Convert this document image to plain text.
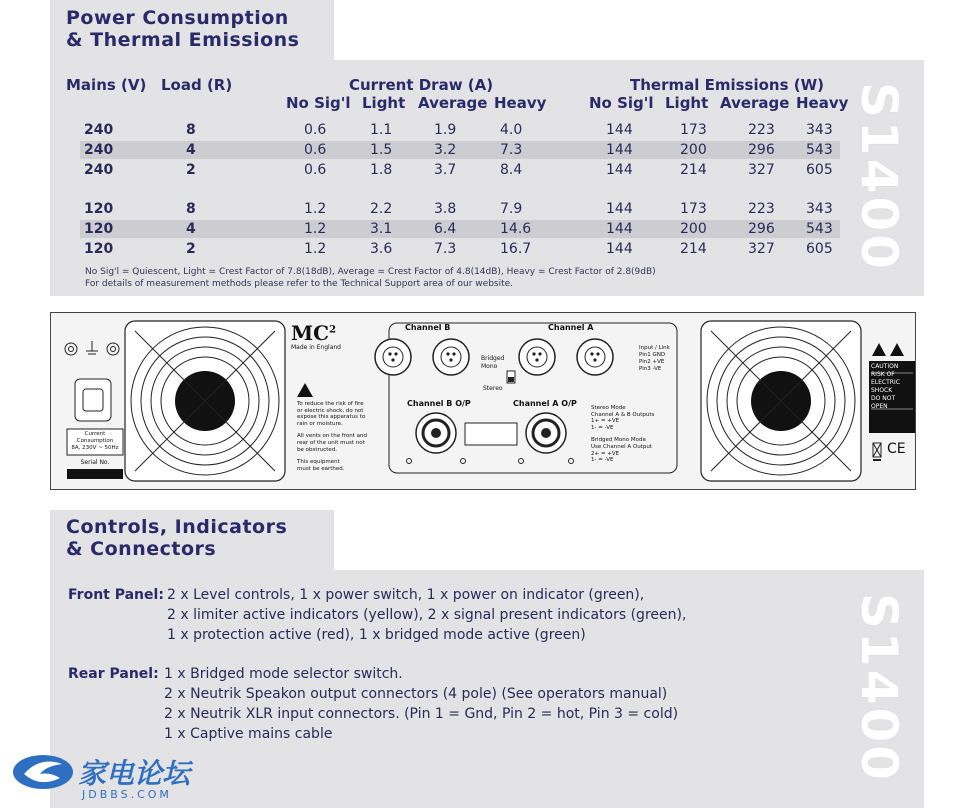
Power Consumption
& Thermal Emissions
S1400
Mains (V) Load (R)	Current Draw (A)	Thermal Emissions (W)
No Sig'l Light Average Heavy	No Sig'l Light Average Heavy
240	8	0.6	1.1	1.9	4.0	144	173	223 343
240	4	0.6	1.5	3.2	7.3	144	200	296 543
240	2	0.6	1.8	3.7	8.4	144	214	327 605
120	8	1.2	2.2	3.8	7.9	144	173	223 343
120	4	1.2	3.1	6.4	14.6	144	200	296 543
120	2	1.2	3.6	7.3	16.7	144	214	327 605
No Sig'l = Quiescent, Light = Crest Factor of 7.8(18dB), Average = Crest Factor of 4.8(14dB), Heavy = Crest Factor of 2.8(9dB)
For details of measurement methods please refer to the Technical Support area of our website.
$MC^2$
Made in England
Channel B	Channel A
Bridged Mono
Stereo
Input / Link
Pin1 GND
Pin2 +VE
Pin3 -VE
Channel B O/P	Channel A O/P
To reduce the risk of fire
or electric shock, do not
expose this apparatus to
rain or moisture.
All vents on the front and
rear of the unit must not
be obstructed.
This equipment
must be earthed.
Stereo Mode
Channel A & B Outputs
1+ = +VE
1- = -VE
Bridged Mono Mode
Use Channel A Output
2+ = +VE
1- = -VE
Current
Consumption
8A, 230V ~ 50Hz
Serial No.
CAUTION
RISK OF
ELECTRIC
SHOCK
DO NOT
OPEN
CE
Controls, Indicators
& Connectors
S1400
Front Panel: 2 x Level controls, 1 x power switch, 1 x power on indicator (green),
2 x limiter active indicators (yellow), 2 x signal present indicators (green),
1 x protection active (red), 1 x bridged mode active (green)
Rear Panel: 1 x Bridged mode selector switch.
2 x Neutrik Speakon output connectors (4 pole) (See operators manual)
2 x Neutrik XLR input connectors. (Pin 1 = Gnd, Pin 2 = hot, Pin 3 = cold)
1 x Captive mains cable
家电论坛
JDBBS.COM
